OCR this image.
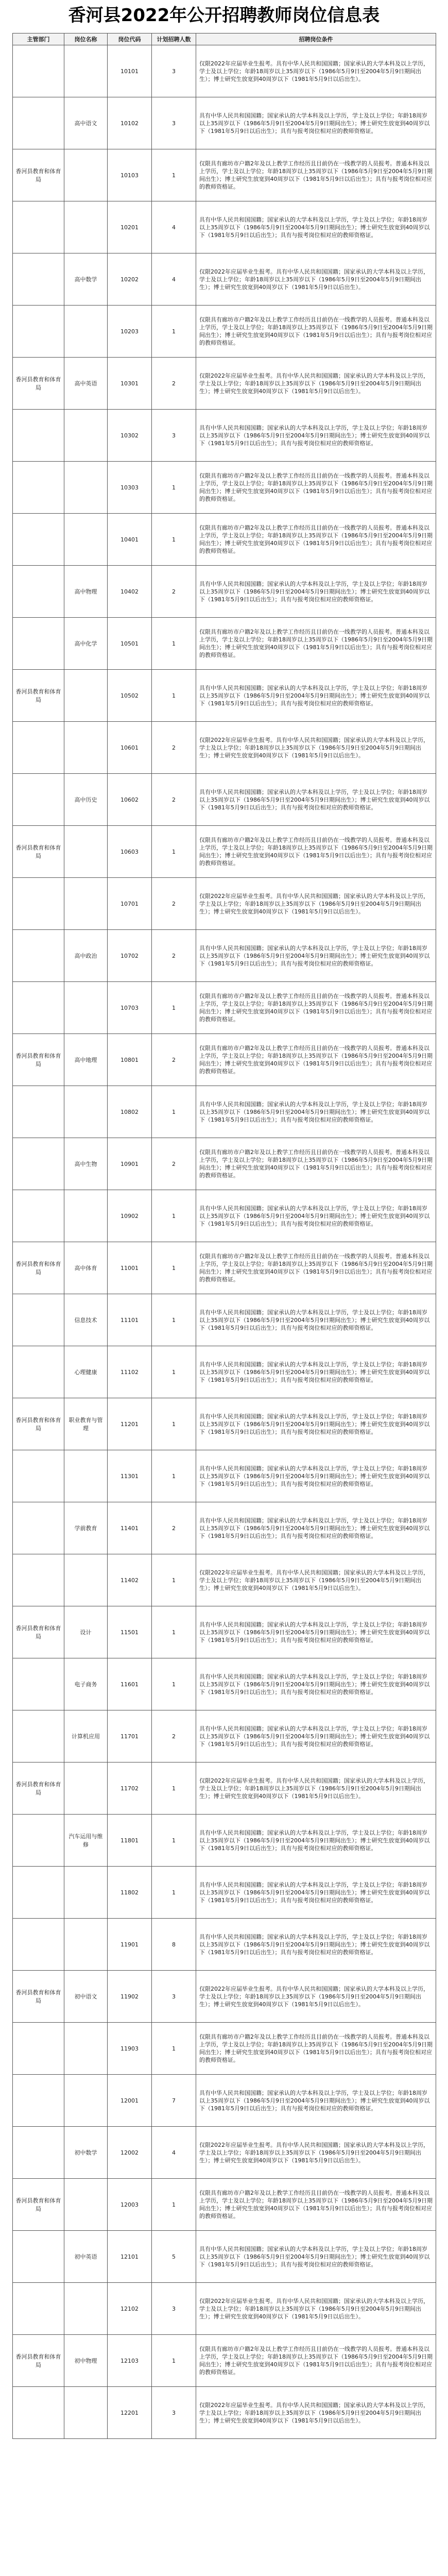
香河县2022年公开招聘教师岗位信息表
主管部门	岗位名称	岗位代码	计划招聘人数	招聘岗位条件
		10101	3	仅限2022年应届毕业生报考。具有中华人民共和国国籍；国家承认的大学本科及以上学历，学士及以上学位；年龄18周岁以上35周岁以下（1986年5月9日至2004年5月9日期间出生）；博士研究生放宽到40周岁以下（1981年5月9日以后出生）。
	高中语文	10102	3	具有中华人民共和国国籍；国家承认的大学本科及以上学历，学士及以上学位；年龄18周岁以上35周岁以下（1986年5月9日至2004年5月9日期间出生）；博士研究生放宽到40周岁以下（1981年5月9日以后出生）；具有与报考岗位相对应的教师资格证。
香河县教育和体育局		10103	1	仅限具有廊坊市户籍2年及以上教学工作经历且目前仍在一线教学的人员报考。普通本科及以上学历，学士及以上学位；年龄18周岁以上35周岁以下（1986年5月9日至2004年5月9日期间出生）；博士研究生放宽到40周岁以下（1981年5月9日以后出生）；具有与报考岗位相对应的教师资格证。
		10201	4	具有中华人民共和国国籍；国家承认的大学本科及以上学历，学士及以上学位；年龄18周岁以上35周岁以下（1986年5月9日至2004年5月9日期间出生）；博士研究生放宽到40周岁以下（1981年5月9日以后出生）；具有与报考岗位相对应的教师资格证。
	高中数学	10202	4	仅限2022年应届毕业生报考。具有中华人民共和国国籍；国家承认的大学本科及以上学历，学士及以上学位；年龄18周岁以上35周岁以下（1986年5月9日至2004年5月9日期间出生）；博士研究生放宽到40周岁以下（1981年5月9日以后出生）。
		10203	1	仅限具有廊坊市户籍2年及以上教学工作经历且目前仍在一线教学的人员报考。普通本科及以上学历，学士及以上学位；年龄18周岁以上35周岁以下（1986年5月9日至2004年5月9日期间出生）；博士研究生放宽到40周岁以下（1981年5月9日以后出生）；具有与报考岗位相对应的教师资格证。
香河县教育和体育局	高中英语	10301	2	仅限2022年应届毕业生报考。具有中华人民共和国国籍；国家承认的大学本科及以上学历，学士及以上学位；年龄18周岁以上35周岁以下（1986年5月9日至2004年5月9日期间出生）；博士研究生放宽到40周岁以下（1981年5月9日以后出生）。
		10302	3	具有中华人民共和国国籍；国家承认的大学本科及以上学历，学士及以上学位；年龄18周岁以上35周岁以下（1986年5月9日至2004年5月9日期间出生）；博士研究生放宽到40周岁以下（1981年5月9日以后出生）；具有与报考岗位相对应的教师资格证。
		10303	1	仅限具有廊坊市户籍2年及以上教学工作经历且目前仍在一线教学的人员报考。普通本科及以上学历，学士及以上学位；年龄18周岁以上35周岁以下（1986年5月9日至2004年5月9日期间出生）；博士研究生放宽到40周岁以下（1981年5月9日以后出生）；具有与报考岗位相对应的教师资格证。
		10401	1	仅限具有廊坊市户籍2年及以上教学工作经历且目前仍在一线教学的人员报考。普通本科及以上学历，学士及以上学位；年龄18周岁以上35周岁以下（1986年5月9日至2004年5月9日期间出生）；博士研究生放宽到40周岁以下（1981年5月9日以后出生）；具有与报考岗位相对应的教师资格证。
	高中物理	10402	2	具有中华人民共和国国籍；国家承认的大学本科及以上学历，学士及以上学位；年龄18周岁以上35周岁以下（1986年5月9日至2004年5月9日期间出生）；博士研究生放宽到40周岁以下（1981年5月9日以后出生）；具有与报考岗位相对应的教师资格证。
	高中化学	10501	1	仅限具有廊坊市户籍2年及以上教学工作经历且目前仍在一线教学的人员报考。普通本科及以上学历，学士及以上学位；年龄18周岁以上35周岁以下（1986年5月9日至2004年5月9日期间出生）；博士研究生放宽到40周岁以下（1981年5月9日以后出生）；具有与报考岗位相对应的教师资格证。
香河县教育和体育局		10502	1	具有中华人民共和国国籍；国家承认的大学本科及以上学历，学士及以上学位；年龄18周岁以上35周岁以下（1986年5月9日至2004年5月9日期间出生）；博士研究生放宽到40周岁以下（1981年5月9日以后出生）；具有与报考岗位相对应的教师资格证。
		10601	2	仅限2022年应届毕业生报考。具有中华人民共和国国籍；国家承认的大学本科及以上学历，学士及以上学位；年龄18周岁以上35周岁以下（1986年5月9日至2004年5月9日期间出生）；博士研究生放宽到40周岁以下（1981年5月9日以后出生）。
	高中历史	10602	2	具有中华人民共和国国籍；国家承认的大学本科及以上学历，学士及以上学位；年龄18周岁以上35周岁以下（1986年5月9日至2004年5月9日期间出生）；博士研究生放宽到40周岁以下（1981年5月9日以后出生）；具有与报考岗位相对应的教师资格证。
香河县教育和体育局		10603	1	仅限具有廊坊市户籍2年及以上教学工作经历且目前仍在一线教学的人员报考。普通本科及以上学历，学士及以上学位；年龄18周岁以上35周岁以下（1986年5月9日至2004年5月9日期间出生）；博士研究生放宽到40周岁以下（1981年5月9日以后出生）；具有与报考岗位相对应的教师资格证。
		10701	2	仅限2022年应届毕业生报考。具有中华人民共和国国籍；国家承认的大学本科及以上学历，学士及以上学位；年龄18周岁以上35周岁以下（1986年5月9日至2004年5月9日期间出生）；博士研究生放宽到40周岁以下（1981年5月9日以后出生）。
	高中政治	10702	2	具有中华人民共和国国籍；国家承认的大学本科及以上学历，学士及以上学位；年龄18周岁以上35周岁以下（1986年5月9日至2004年5月9日期间出生）；博士研究生放宽到40周岁以下（1981年5月9日以后出生）；具有与报考岗位相对应的教师资格证。
		10703	1	仅限具有廊坊市户籍2年及以上教学工作经历且目前仍在一线教学的人员报考。普通本科及以上学历，学士及以上学位；年龄18周岁以上35周岁以下（1986年5月9日至2004年5月9日期间出生）；博士研究生放宽到40周岁以下（1981年5月9日以后出生）；具有与报考岗位相对应的教师资格证。
香河县教育和体育局	高中地理	10801	2	仅限具有廊坊市户籍2年及以上教学工作经历且目前仍在一线教学的人员报考。普通本科及以上学历，学士及以上学位；年龄18周岁以上35周岁以下（1986年5月9日至2004年5月9日期间出生）；博士研究生放宽到40周岁以下（1981年5月9日以后出生）；具有与报考岗位相对应的教师资格证。
		10802	1	具有中华人民共和国国籍；国家承认的大学本科及以上学历，学士及以上学位；年龄18周岁以上35周岁以下（1986年5月9日至2004年5月9日期间出生）；博士研究生放宽到40周岁以下（1981年5月9日以后出生）；具有与报考岗位相对应的教师资格证。
	高中生物	10901	2	仅限具有廊坊市户籍2年及以上教学工作经历且目前仍在一线教学的人员报考。普通本科及以上学历，学士及以上学位；年龄18周岁以上35周岁以下（1986年5月9日至2004年5月9日期间出生）；博士研究生放宽到40周岁以下（1981年5月9日以后出生）；具有与报考岗位相对应的教师资格证。
		10902	1	具有中华人民共和国国籍；国家承认的大学本科及以上学历，学士及以上学位；年龄18周岁以上35周岁以下（1986年5月9日至2004年5月9日期间出生）；博士研究生放宽到40周岁以下（1981年5月9日以后出生）；具有与报考岗位相对应的教师资格证。
香河县教育和体育局	高中体育	11001	1	仅限具有廊坊市户籍2年及以上教学工作经历且目前仍在一线教学的人员报考。普通本科及以上学历，学士及以上学位；年龄18周岁以上35周岁以下（1986年5月9日至2004年5月9日期间出生）；博士研究生放宽到40周岁以下（1981年5月9日以后出生）；具有与报考岗位相对应的教师资格证。
	信息技术	11101	1	具有中华人民共和国国籍；国家承认的大学本科及以上学历，学士及以上学位；年龄18周岁以上35周岁以下（1986年5月9日至2004年5月9日期间出生）；博士研究生放宽到40周岁以下（1981年5月9日以后出生）；具有与报考岗位相对应的教师资格证。
	心理健康	11102	1	具有中华人民共和国国籍；国家承认的大学本科及以上学历，学士及以上学位；年龄18周岁以上35周岁以下（1986年5月9日至2004年5月9日期间出生）；博士研究生放宽到40周岁以下（1981年5月9日以后出生）；具有与报考岗位相对应的教师资格证。
香河县教育和体育局	职业教育与管理	11201	1	具有中华人民共和国国籍；国家承认的大学本科及以上学历，学士及以上学位；年龄18周岁以上35周岁以下（1986年5月9日至2004年5月9日期间出生）；博士研究生放宽到40周岁以下（1981年5月9日以后出生）；具有与报考岗位相对应的教师资格证。
		11301	1	具有中华人民共和国国籍；国家承认的大学本科及以上学历，学士及以上学位；年龄18周岁以上35周岁以下（1986年5月9日至2004年5月9日期间出生）；博士研究生放宽到40周岁以下（1981年5月9日以后出生）；具有与报考岗位相对应的教师资格证。
	学前教育	11401	2	具有中华人民共和国国籍；国家承认的大学本科及以上学历，学士及以上学位；年龄18周岁以上35周岁以下（1986年5月9日至2004年5月9日期间出生）；博士研究生放宽到40周岁以下（1981年5月9日以后出生）；具有与报考岗位相对应的教师资格证。
		11402	1	仅限2022年应届毕业生报考。具有中华人民共和国国籍；国家承认的大学本科及以上学历，学士及以上学位；年龄18周岁以上35周岁以下（1986年5月9日至2004年5月9日期间出生）；博士研究生放宽到40周岁以下（1981年5月9日以后出生）。
香河县教育和体育局	设计	11501	1	具有中华人民共和国国籍；国家承认的大学本科及以上学历，学士及以上学位；年龄18周岁以上35周岁以下（1986年5月9日至2004年5月9日期间出生）；博士研究生放宽到40周岁以下（1981年5月9日以后出生）；具有与报考岗位相对应的教师资格证。
	电子商务	11601	1	具有中华人民共和国国籍；国家承认的大学本科及以上学历，学士及以上学位；年龄18周岁以上35周岁以下（1986年5月9日至2004年5月9日期间出生）；博士研究生放宽到40周岁以下（1981年5月9日以后出生）；具有与报考岗位相对应的教师资格证。
	计算机应用	11701	2	具有中华人民共和国国籍；国家承认的大学本科及以上学历，学士及以上学位；年龄18周岁以上35周岁以下（1986年5月9日至2004年5月9日期间出生）；博士研究生放宽到40周岁以下（1981年5月9日以后出生）；具有与报考岗位相对应的教师资格证。
香河县教育和体育局		11702	1	仅限2022年应届毕业生报考。具有中华人民共和国国籍；国家承认的大学本科及以上学历，学士及以上学位；年龄18周岁以上35周岁以下（1986年5月9日至2004年5月9日期间出生）；博士研究生放宽到40周岁以下（1981年5月9日以后出生）。
	汽车运用与维修	11801	1	具有中华人民共和国国籍；国家承认的大学本科及以上学历，学士及以上学位；年龄18周岁以上35周岁以下（1986年5月9日至2004年5月9日期间出生）；博士研究生放宽到40周岁以下（1981年5月9日以后出生）；具有与报考岗位相对应的教师资格证。
		11802	1	具有中华人民共和国国籍；国家承认的大学本科及以上学历，学士及以上学位；年龄18周岁以上35周岁以下（1986年5月9日至2004年5月9日期间出生）；博士研究生放宽到40周岁以下（1981年5月9日以后出生）；具有与报考岗位相对应的教师资格证。
		11901	8	具有中华人民共和国国籍；国家承认的大学本科及以上学历，学士及以上学位；年龄18周岁以上35周岁以下（1986年5月9日至2004年5月9日期间出生）；博士研究生放宽到40周岁以下（1981年5月9日以后出生）；具有与报考岗位相对应的教师资格证。
香河县教育和体育局	初中语文	11902	3	仅限2022年应届毕业生报考。具有中华人民共和国国籍；国家承认的大学本科及以上学历，学士及以上学位；年龄18周岁以上35周岁以下（1986年5月9日至2004年5月9日期间出生）；博士研究生放宽到40周岁以下（1981年5月9日以后出生）。
		11903	1	仅限具有廊坊市户籍2年及以上教学工作经历且目前仍在一线教学的人员报考。普通本科及以上学历，学士及以上学位；年龄18周岁以上35周岁以下（1986年5月9日至2004年5月9日期间出生）；博士研究生放宽到40周岁以下（1981年5月9日以后出生）；具有与报考岗位相对应的教师资格证。
		12001	7	具有中华人民共和国国籍；国家承认的大学本科及以上学历，学士及以上学位；年龄18周岁以上35周岁以下（1986年5月9日至2004年5月9日期间出生）；博士研究生放宽到40周岁以下（1981年5月9日以后出生）；具有与报考岗位相对应的教师资格证。
	初中数学	12002	4	仅限2022年应届毕业生报考。具有中华人民共和国国籍；国家承认的大学本科及以上学历，学士及以上学位；年龄18周岁以上35周岁以下（1986年5月9日至2004年5月9日期间出生）；博士研究生放宽到40周岁以下（1981年5月9日以后出生）。
香河县教育和体育局		12003	1	仅限具有廊坊市户籍2年及以上教学工作经历且目前仍在一线教学的人员报考。普通本科及以上学历，学士及以上学位；年龄18周岁以上35周岁以下（1986年5月9日至2004年5月9日期间出生）；博士研究生放宽到40周岁以下（1981年5月9日以后出生）；具有与报考岗位相对应的教师资格证。
	初中英语	12101	5	具有中华人民共和国国籍；国家承认的大学本科及以上学历，学士及以上学位；年龄18周岁以上35周岁以下（1986年5月9日至2004年5月9日期间出生）；博士研究生放宽到40周岁以下（1981年5月9日以后出生）；具有与报考岗位相对应的教师资格证。
		12102	3	仅限2022年应届毕业生报考。具有中华人民共和国国籍；国家承认的大学本科及以上学历，学士及以上学位；年龄18周岁以上35周岁以下（1986年5月9日至2004年5月9日期间出生）；博士研究生放宽到40周岁以下（1981年5月9日以后出生）。
香河县教育和体育局	初中物理	12103	1	仅限具有廊坊市户籍2年及以上教学工作经历且目前仍在一线教学的人员报考。普通本科及以上学历，学士及以上学位；年龄18周岁以上35周岁以下（1986年5月9日至2004年5月9日期间出生）；博士研究生放宽到40周岁以下（1981年5月9日以后出生）；具有与报考岗位相对应的教师资格证。
		12201	3	仅限2022年应届毕业生报考。具有中华人民共和国国籍；国家承认的大学本科及以上学历，学士及以上学位；年龄18周岁以上35周岁以下（1986年5月9日至2004年5月9日期间出生）；博士研究生放宽到40周岁以下（1981年5月9日以后出生）。
